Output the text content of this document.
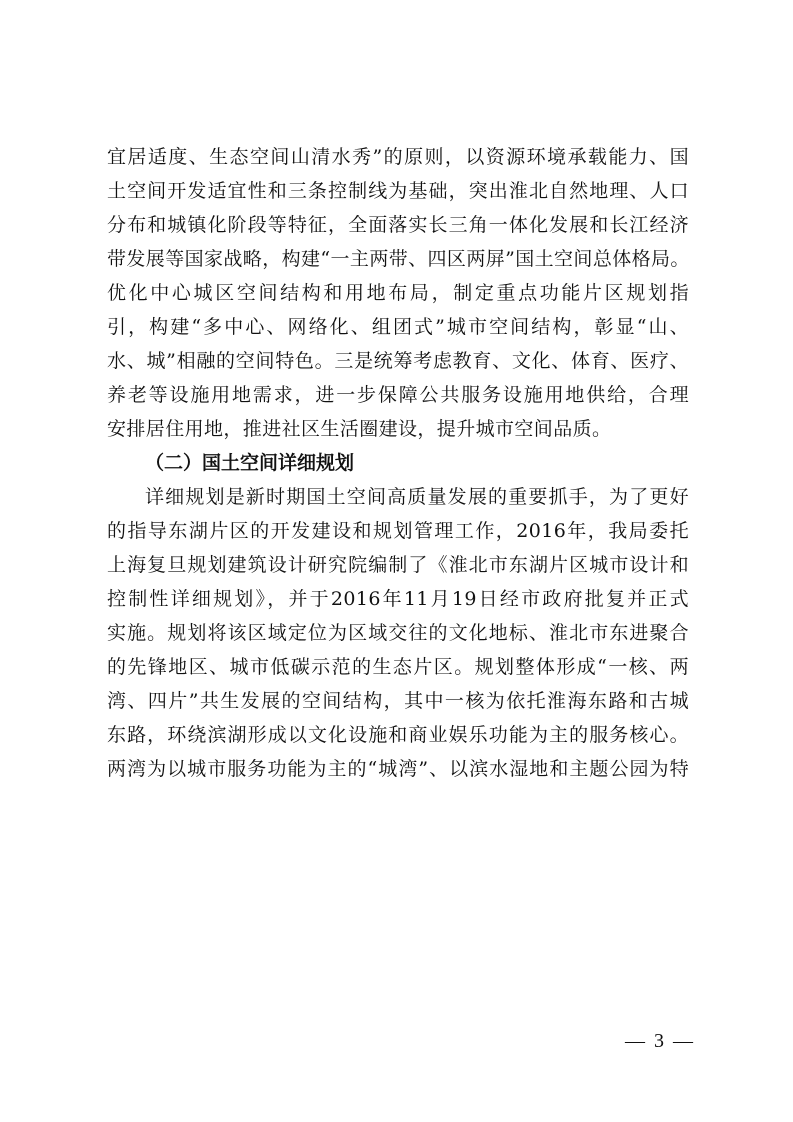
宜居适度、生态空间山清水秀”的原则，以资源环境承载能力、国
土空间开发适宜性和三条控制线为基础，突出淮北自然地理、人口
分布和城镇化阶段等特征，全面落实长三角一体化发展和长江经济
带发展等国家战略，构建“一主两带、四区两屏”国土空间总体格局。
优化中心城区空间结构和用地布局，制定重点功能片区规划指
引，构建“多中心、网络化、组团式”城市空间结构，彰显“山、
水、城”相融的空间特色。三是统筹考虑教育、文化、体育、医疗、
养老等设施用地需求，进一步保障公共服务设施用地供给，合理
安排居住用地，推进社区生活圈建设，提升城市空间品质。
（二）国土空间详细规划
详细规划是新时期国土空间高质量发展的重要抓手，为了更好
的指导东湖片区的开发建设和规划管理工作，2016年，我局委托
上海复旦规划建筑设计研究院编制了《淮北市东湖片区城市设计和
控制性详细规划》，并于2016年11月19日经市政府批复并正式
实施。规划将该区域定位为区域交往的文化地标、淮北市东进聚合
的先锋地区、城市低碳示范的生态片区。规划整体形成“一核、两
湾、四片”共生发展的空间结构，其中一核为依托淮海东路和古城
东路，环绕滨湖形成以文化设施和商业娱乐功能为主的服务核心。
两湾为以城市服务功能为主的“城湾”、以滨水湿地和主题公园为特
— 3 —
